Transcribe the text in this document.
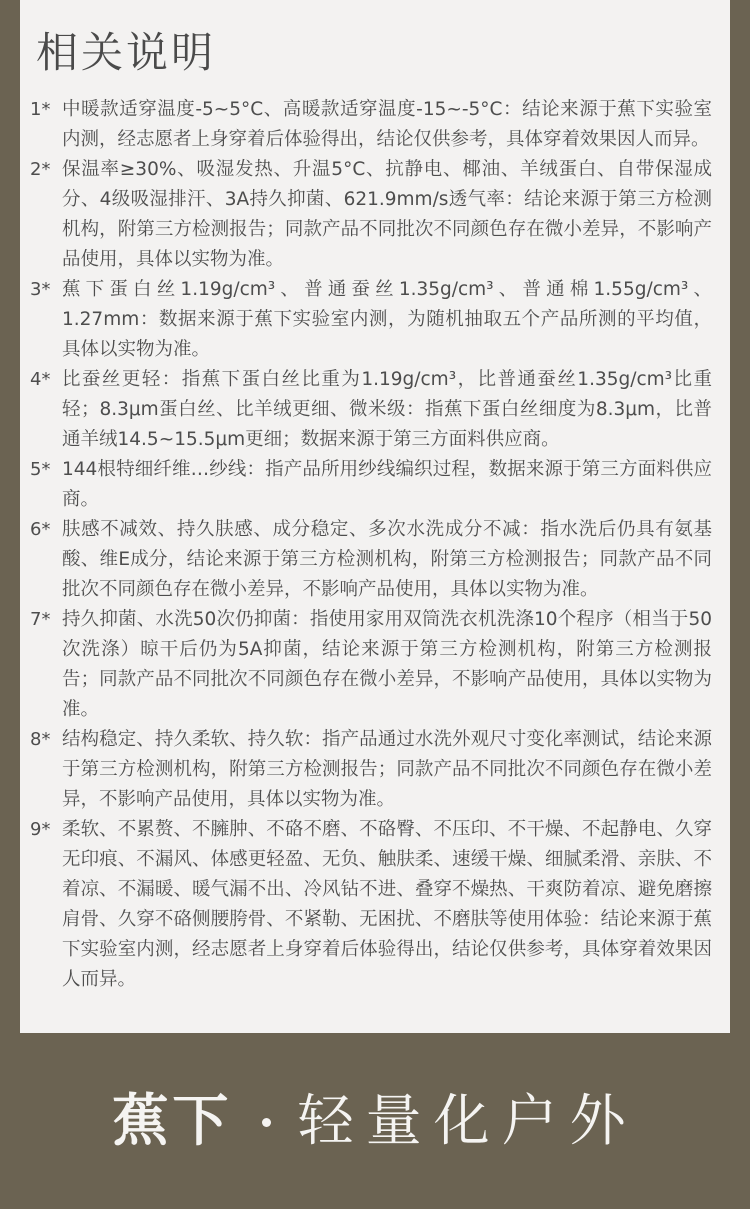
相关说明
1* 中暖款适穿温度-5~5°C、高暖款适穿温度-15~-5°C：结论来源于蕉下实验室内测，经志愿者上身穿着后体验得出，结论仅供参考，具体穿着效果因人而异。
2* 保温率≥30%、吸湿发热、升温5°C、抗静电、椰油、羊绒蛋白、自带保湿成分、4级吸湿排汗、3A持久抑菌、621.9mm/s透气率：结论来源于第三方检测机构，附第三方检测报告；同款产品不同批次不同颜色存在微小差异，不影响产品使用，具体以实物为准。
3* 蕉下蛋白丝1.19g/cm³、普通蚕丝1.35g/cm³、普通棉1.55g/cm³、1.27mm：数据来源于蕉下实验室内测，为随机抽取五个产品所测的平均值，具体以实物为准。
4* 比蚕丝更轻：指蕉下蛋白丝比重为1.19g/cm³，比普通蚕丝1.35g/cm³比重轻；8.3μm蛋白丝、比羊绒更细、微米级：指蕉下蛋白丝细度为8.3μm，比普通羊绒14.5~15.5μm更细；数据来源于第三方面料供应商。
5* 144根特细纤维…纱线：指产品所用纱线编织过程，数据来源于第三方面料供应商。
6* 肤感不减效、持久肤感、成分稳定、多次水洗成分不减：指水洗后仍具有氨基酸、维E成分，结论来源于第三方检测机构，附第三方检测报告；同款产品不同批次不同颜色存在微小差异，不影响产品使用，具体以实物为准。
7* 持久抑菌、水洗50次仍抑菌：指使用家用双筒洗衣机洗涤10个程序（相当于50次洗涤）晾干后仍为5A抑菌，结论来源于第三方检测机构，附第三方检测报告；同款产品不同批次不同颜色存在微小差异，不影响产品使用，具体以实物为准。
8* 结构稳定、持久柔软、持久软：指产品通过水洗外观尺寸变化率测试，结论来源于第三方检测机构，附第三方检测报告；同款产品不同批次不同颜色存在微小差异，不影响产品使用，具体以实物为准。
9* 柔软、不累赘、不臃肿、不硌不磨、不硌臀、不压印、不干燥、不起静电、久穿无印痕、不漏风、体感更轻盈、无负、触肤柔、速缓干燥、细腻柔滑、亲肤、不着凉、不漏暖、暖气漏不出、冷风钻不进、叠穿不燥热、干爽防着凉、避免磨擦肩骨、久穿不硌侧腰胯骨、不紧勒、无困扰、不磨肤等使用体验：结论来源于蕉下实验室内测，经志愿者上身穿着后体验得出，结论仅供参考，具体穿着效果因人而异。
蕉下 轻量化户外
